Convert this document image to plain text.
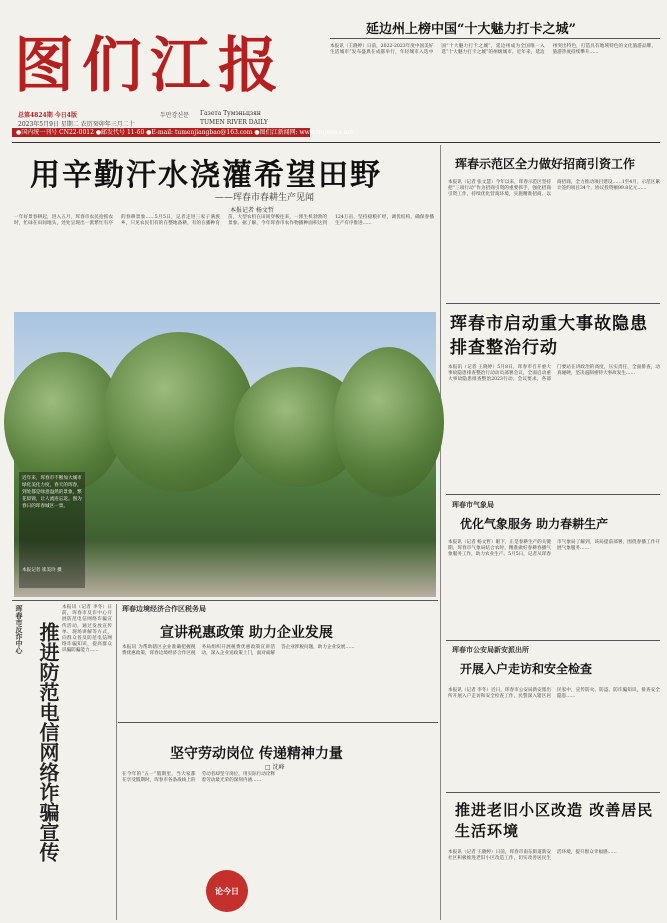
图们江报
总第4824期 今日4版
2023年5月9日 星期二 农历癸卯年三月二十
두만강신문 Газета Тумэньцзян
TUMEN RIVER DAILY
●国内统一刊号 CN22-0012 ●邮发代号 11-60 ●E-mail: tumenjiangbao@163.com ●图们江新闻网: www.tmjnews.net
延边州上榜中国“十大魅力打卡之城”
本报讯（王晓婷）日前，2022-2023年度中国美好生活城市“发布盛典在成都举行，年轻城市入选中国“十大魅力打卡之城”，延边州成为全国唯一入选“十大魅力打卡之城”的州级城市。近年来，延边州突出特色，打造具有地域特色的文化旅游品牌，旅游热度持续攀升……
用辛勤汗水浇灌希望田野
——珲春市春耕生产见闻
本报记者 杨文哲
一年好景春耕起，进入五月，珲春市农民抢抓农时，忙碌在田间地头，处处呈现出一派繁忙有序的春耕景象……5月5日，记者走进三家子满族乡，只见农民们有的在整地备耕，有的在播种育苗，大型农机在田间穿梭往来，一派生机勃勃的景象。据了解，今年珲春市农作物播种面积达到124万亩，坚持稳粮扩经，调优结构，确保春播生产有序推进……
近年来，珲春市不断加大城市绿化美化力度，春天的珲春，到处都是绿意盎然的景象，繁花似锦，让人流连忘返。图为春日的珲春城区一景。
本报记者 崔美玲 摄
珲春示范区全力做好招商引资工作
本报讯（记者 张文慧）今年以来，珲春示范区坚持把“三项行动”作为招商引资的重要抓手，强化招商引资工作，持续优化营商环境，实施精准招商、以商招商，全力推动项目建设……1至4月，示范区累计签约项目34个，协议投资额99.8亿元……
珲春市启动重大事故隐患排查整治行动
本报讯（记者 王晓婷）5月8日，珲春市召开重大事故隐患排查整治行动动员部署会议，全面启动重大事故隐患排查整治2023行动。会议要求，各部门要站在讲政治的高度，压实责任，全面排查，动真碰硬，坚决遏制重特大事故发生……
珲春市气象局
优化气象服务 助力春耕生产
本报讯（记者 杨文哲）眼下，正是春耕生产的关键期。珲春市气象局结合农时，精准做好春耕春播气象服务工作，助力农业生产。5月5日，记者从珲春市气象局了解到，该局提前部署，围绕春播工作开展气象服务……
珲春市公安局新安派出所
开展入户走访和安全检查
本报讯（记者 李冬）近日，珲春市公安局新安派出所开展入户走访和安全检查工作，民警深入辖区居民家中，宣传防火、防盗、防诈骗知识，排查安全隐患……
推进老旧小区改造 改善居民生活环境
本报讯（记者 王晓婷）日前，珲春市南东街道新安社区积极推进老旧小区改造工作，切实改善居民生活环境，提升群众幸福感……
珲春市反诈中心 推进防范电信网络诈骗宣传
本报讯（记者 李冬）日前，珲春市反诈中心开展防范电信网络诈骗宣传活动，通过发放宣传单、现场讲解等方式，向群众普及防范电信网络诈骗知识，提高群众识骗防骗能力……
珲春边境经济合作区税务局
宣讲税惠政策 助力企业发展
本报讯 为帮助辖区企业准确把握税费优惠政策，珲春边境经济合作区税务局组织开展税费优惠政策宣讲活动，深入企业送政策上门，面对面解答企业涉税问题，助力企业发展……
坚守劳动岗位 传递精神力量
□ 沈峰
在今年的“五一”假期里，当大家都在享受假期时，珲春市各条战线上的劳动者却坚守岗位，用实际行动诠释着劳动最光荣的深刻内涵……
论今日
